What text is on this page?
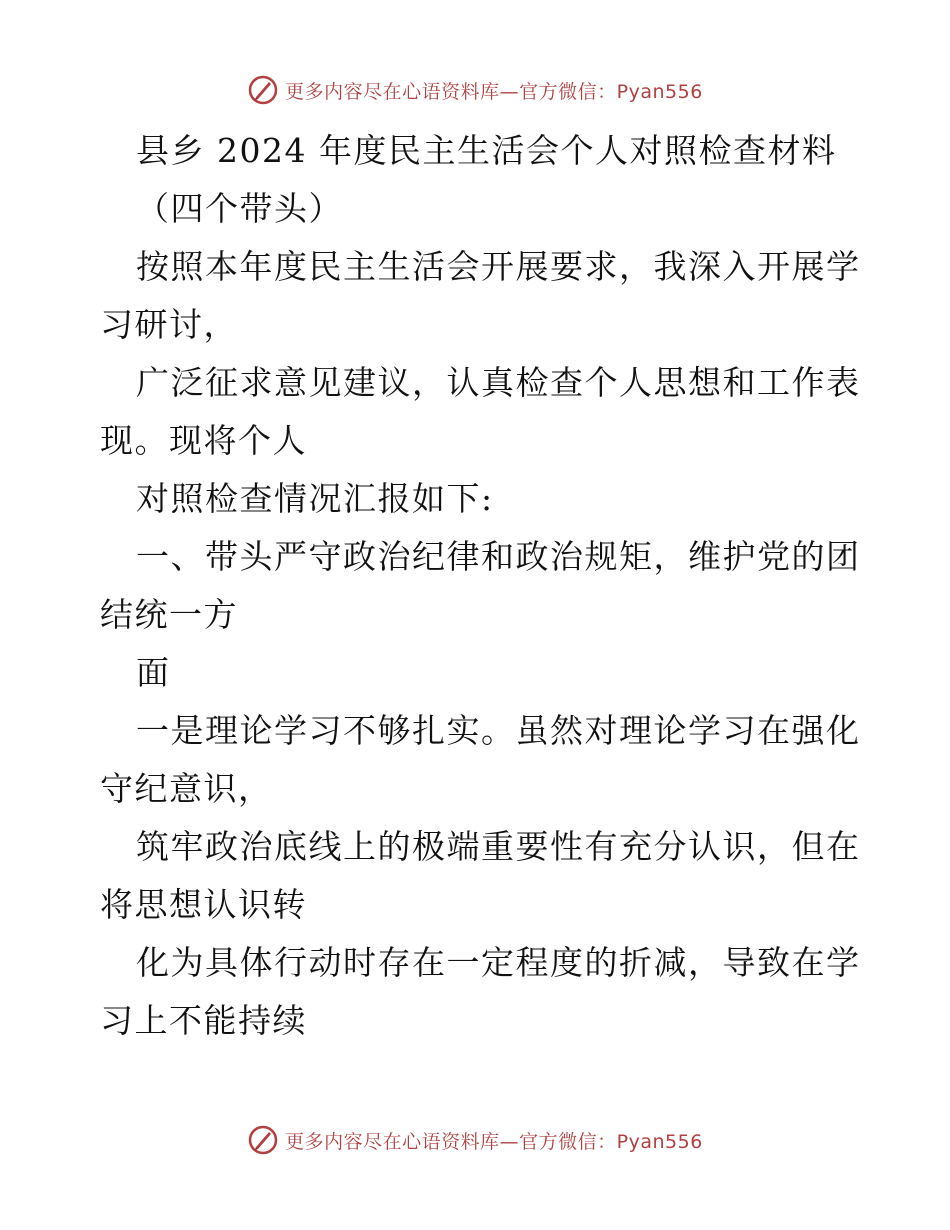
更多内容尽在心语资料库—官方微信：Pyan556
县乡 2024 年度民主生活会个人对照检查材料
（四个带头）
按照本年度民主生活会开展要求，我深入开展学
习研讨，
广泛征求意见建议，认真检查个人思想和工作表
现。现将个人
对照检查情况汇报如下:
一、带头严守政治纪律和政治规矩，维护党的团
结统一方
面
一是理论学习不够扎实。虽然对理论学习在强化
守纪意识，
筑牢政治底线上的极端重要性有充分认识，但在
将思想认识转
化为具体行动时存在一定程度的折减，导致在学
习上不能持续
更多内容尽在心语资料库—官方微信：Pyan556
